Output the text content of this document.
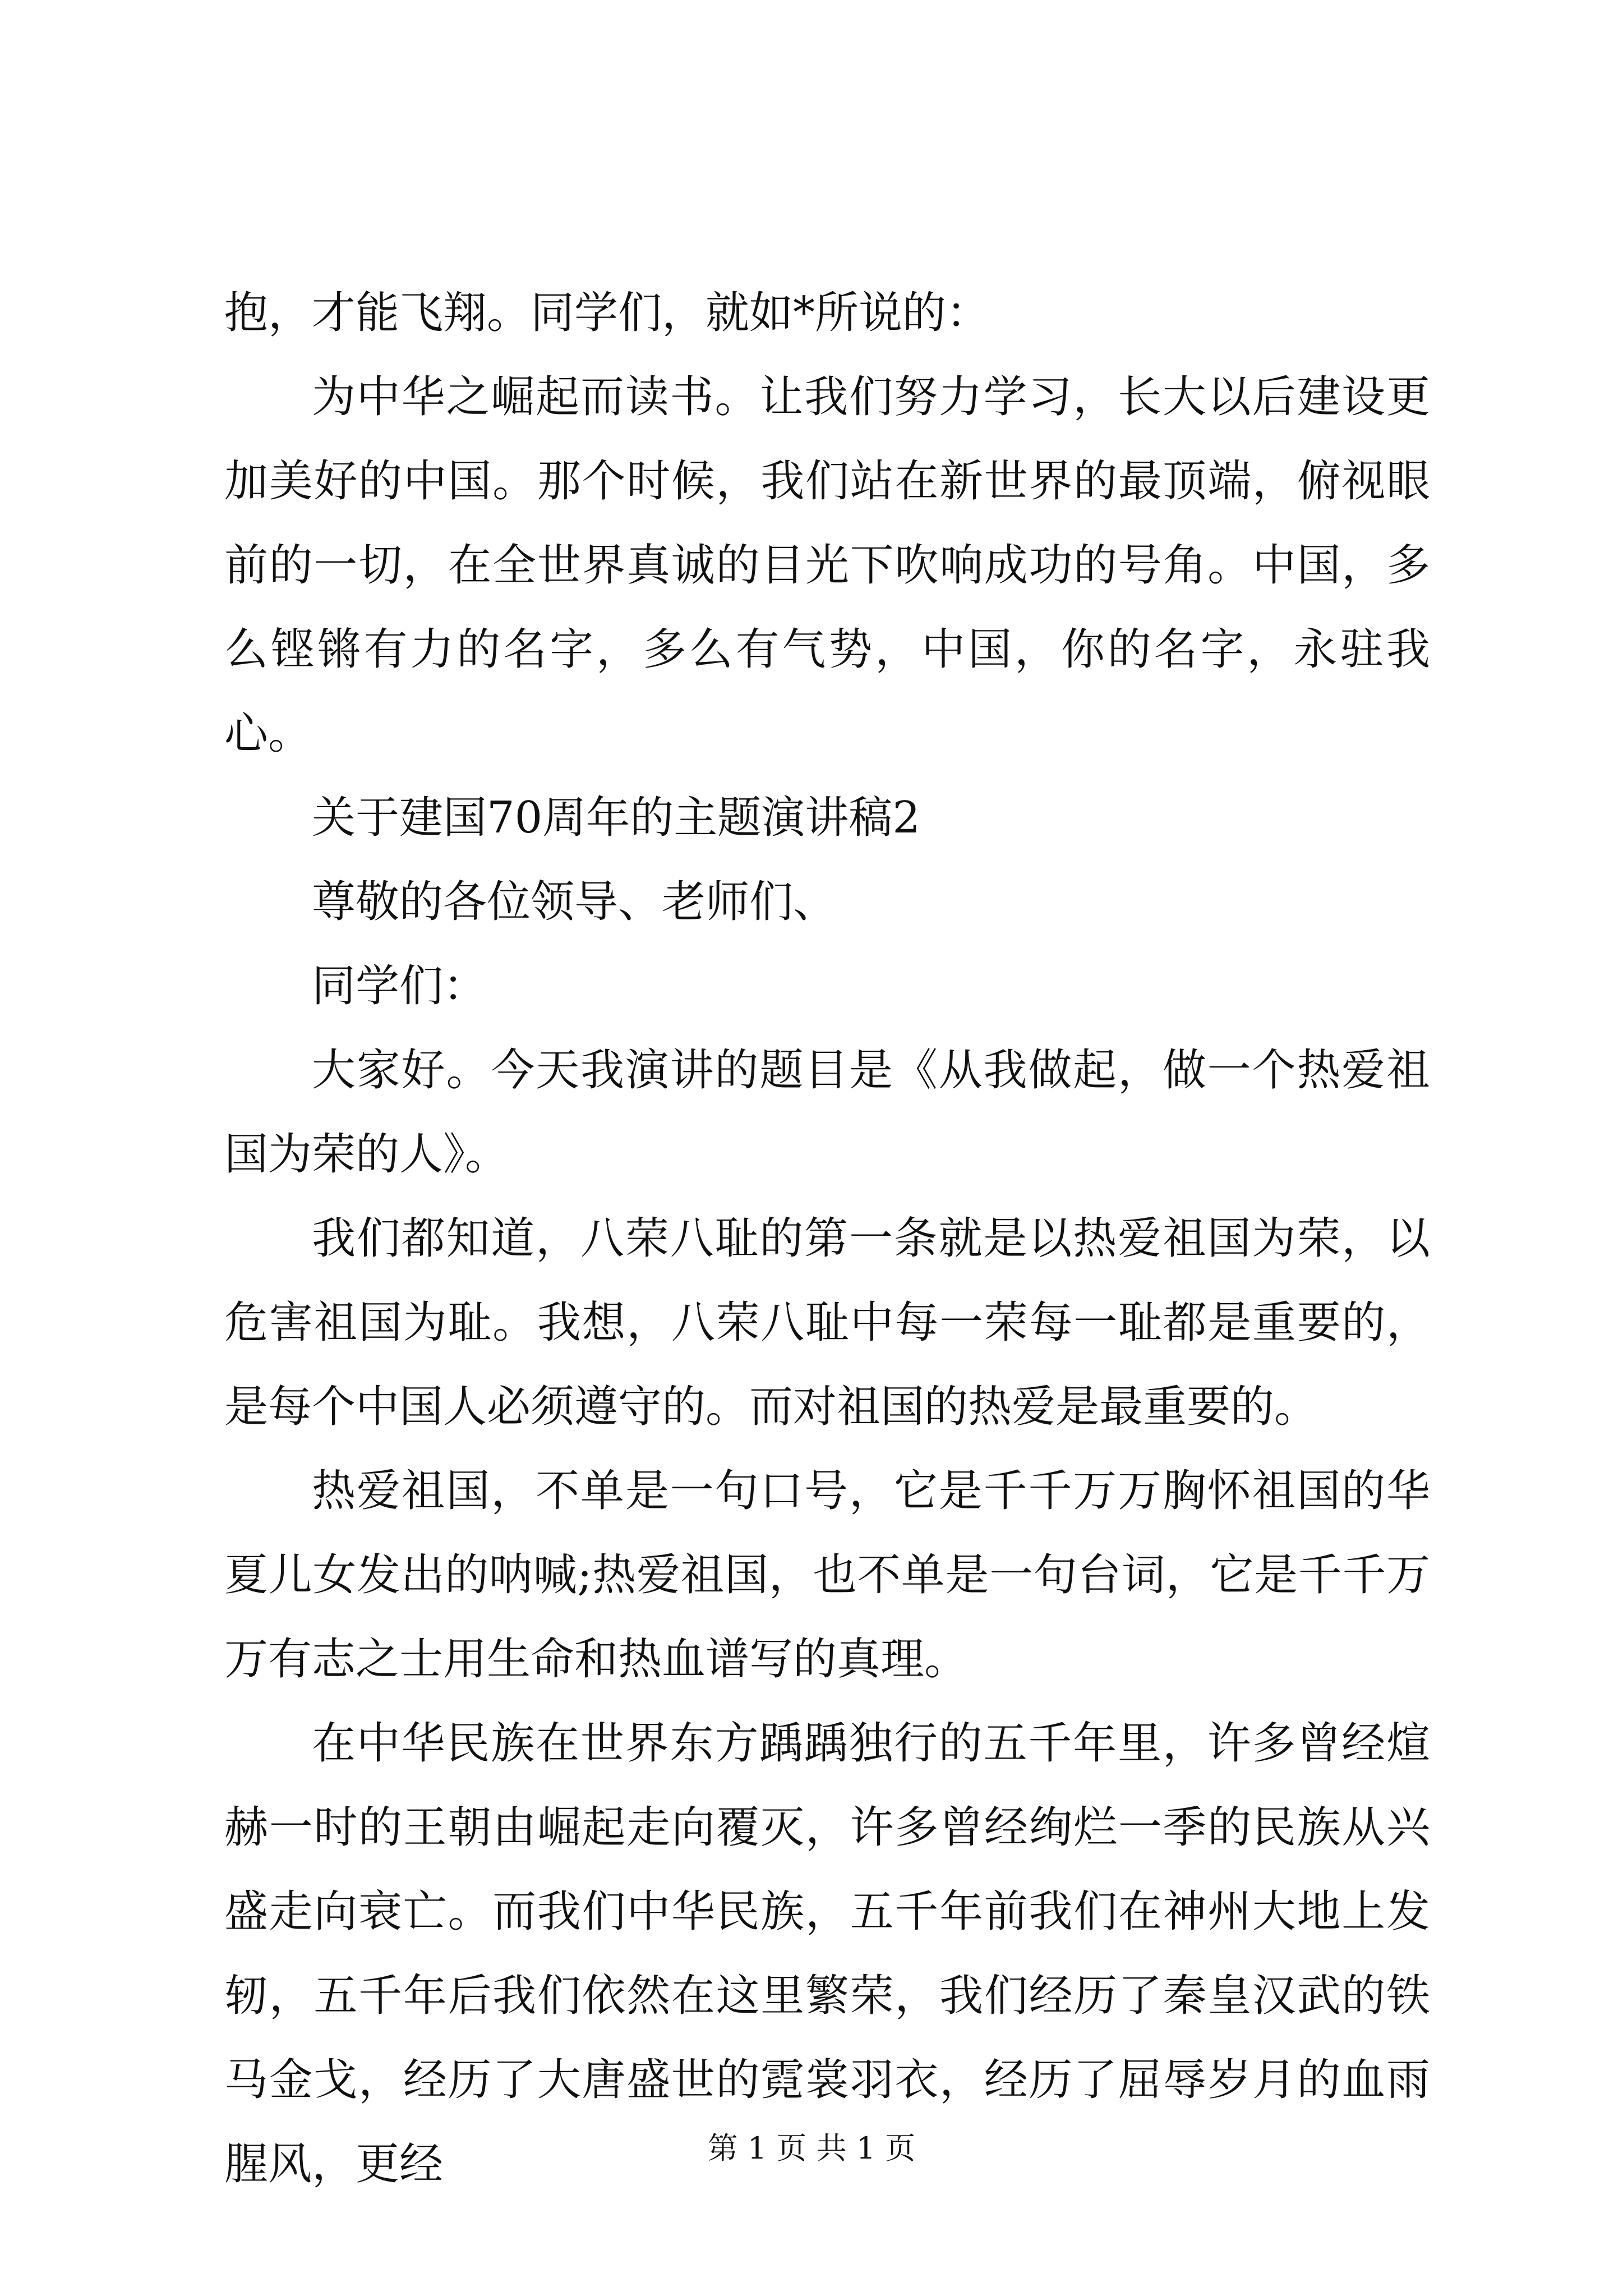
抱，才能飞翔。同学们，就如*所说的：

为中华之崛起而读书。让我们努力学习，长大以后建设更加美好的中国。那个时候，我们站在新世界的最顶端，俯视眼前的一切，在全世界真诚的目光下吹响成功的号角。中国，多么铿锵有力的名字，多么有气势，中国，你的名字，永驻我心。

关于建国70周年的主题演讲稿2

尊敬的各位领导、老师们、

同学们：

大家好。今天我演讲的题目是《从我做起，做一个热爱祖国为荣的人》。

我们都知道，八荣八耻的第一条就是以热爱祖国为荣，以危害祖国为耻。我想，八荣八耻中每一荣每一耻都是重要的，是每个中国人必须遵守的。而对祖国的热爱是最重要的。

热爱祖国，不单是一句口号，它是千千万万胸怀祖国的华夏儿女发出的呐喊;热爱祖国，也不单是一句台词，它是千千万万有志之士用生命和热血谱写的真理。

在中华民族在世界东方踽踽独行的五千年里，许多曾经煊赫一时的王朝由崛起走向覆灭，许多曾经绚烂一季的民族从兴盛走向衰亡。而我们中华民族，五千年前我们在神州大地上发轫，五千年后我们依然在这里繁荣，我们经历了秦皇汉武的铁马金戈，经历了大唐盛世的霓裳羽衣，经历了屈辱岁月的血雨腥风，更经	第 1 页 共 1 页
